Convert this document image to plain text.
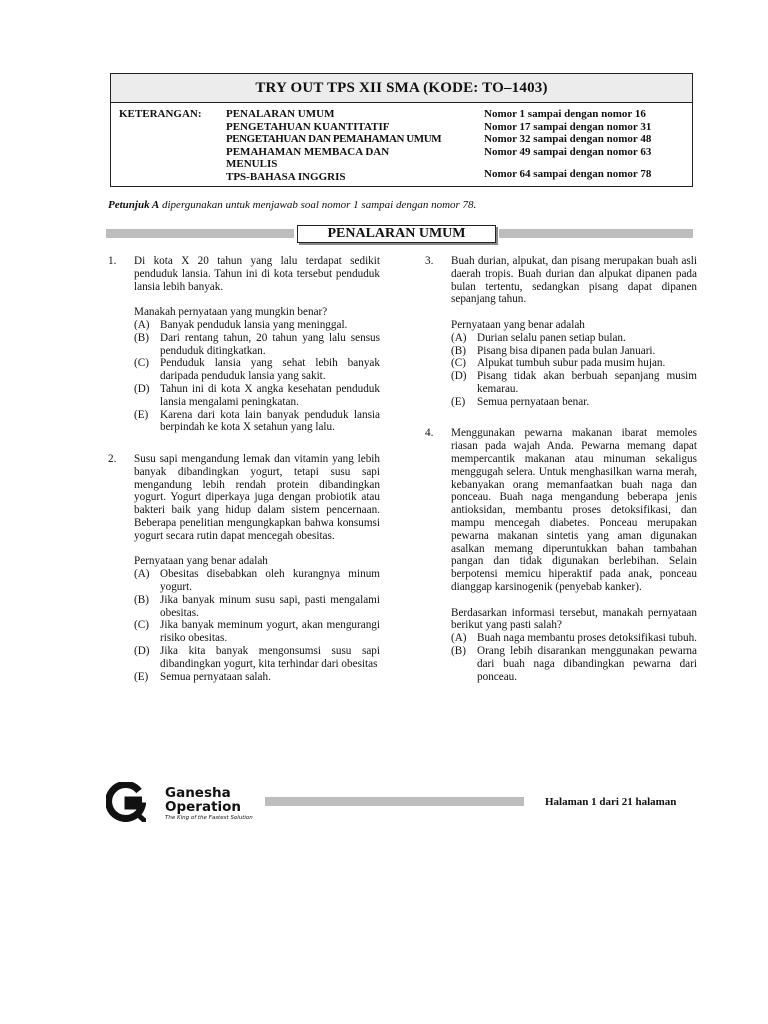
TRY OUT TPS XII SMA (KODE: TO–1403)
KETERANGAN: PENALARAN UMUM
PENGETAHUAN KUANTITATIF
PENGETAHUAN DAN PEMAHAMAN UMUM
PEMAHAMAN MEMBACA DAN
MENULIS
TPS-BAHASA INGGRIS
Nomor 1 sampai dengan nomor 16
Nomor 17 sampai dengan nomor 31
Nomor 32 sampai dengan nomor 48
Nomor 49 sampai dengan nomor 63
Nomor 64 sampai dengan nomor 78
Petunjuk A dipergunakan untuk menjawab soal nomor 1 sampai dengan nomor 78.
PENALARAN UMUM
1. Di kota X 20 tahun yang lalu terdapat sedikit penduduk lansia. Tahun ini di kota tersebut penduduk lansia lebih banyak.

Manakah pernyataan yang mungkin benar?

(A) Banyak penduduk lansia yang meninggal.
(B) Dari rentang tahun, 20 tahun yang lalu sensus penduduk ditingkatkan.
(C) Penduduk lansia yang sehat lebih banyak daripada penduduk lansia yang sakit.
(D) Tahun ini di kota X angka kesehatan penduduk lansia mengalami peningkatan.
(E) Karena dari kota lain banyak penduduk lansia berpindah ke kota X setahun yang lalu.
2. Susu sapi mengandung lemak dan vitamin yang lebih banyak dibandingkan yogurt, tetapi susu sapi mengandung lebih rendah protein dibandingkan yogurt. Yogurt diperkaya juga dengan probiotik atau bakteri baik yang hidup dalam sistem pencernaan. Beberapa penelitian mengungkapkan bahwa konsumsi yogurt secara rutin dapat mencegah obesitas.

Pernyataan yang benar adalah

(A) Obesitas disebabkan oleh kurangnya minum yogurt.
(B) Jika banyak minum susu sapi, pasti mengalami obesitas.
(C) Jika banyak meminum yogurt, akan mengurangi risiko obesitas.
(D) Jika kita banyak mengonsumsi susu sapi dibandingkan yogurt, kita terhindar dari obesitas
(E) Semua pernyataan salah.
3. Buah durian, alpukat, dan pisang merupakan buah asli daerah tropis. Buah durian dan alpukat dipanen pada bulan tertentu, sedangkan pisang dapat dipanen sepanjang tahun.

Pernyataan yang benar adalah

(A) Durian selalu panen setiap bulan.
(B) Pisang bisa dipanen pada bulan Januari.
(C) Alpukat tumbuh subur pada musim hujan.
(D) Pisang tidak akan berbuah sepanjang musim kemarau.
(E) Semua pernyataan benar.
4. Menggunakan pewarna makanan ibarat memoles riasan pada wajah Anda. Pewarna memang dapat mempercantik makanan atau minuman sekaligus menggugah selera. Untuk menghasilkan warna merah, kebanyakan orang memanfaatkan buah naga dan ponceau. Buah naga mengandung beberapa jenis antioksidan, membantu proses detoksifikasi, dan mampu mencegah diabetes. Ponceau merupakan pewarna makanan sintetis yang aman digunakan asalkan memang diperuntukkan bahan tambahan pangan dan tidak digunakan berlebihan. Selain berpotensi memicu hiperaktif pada anak, ponceau dianggap karsinogenik (penyebab kanker).

Berdasarkan informasi tersebut, manakah pernyataan berikut yang pasti salah?

(A) Buah naga membantu proses detoksifikasi tubuh.
(B) Orang lebih disarankan menggunakan pewarna dari buah naga dibandingkan pewarna dari ponceau.
Ganesha
Operation
The King of the Fastest Solution
Halaman 1 dari 21 halaman
